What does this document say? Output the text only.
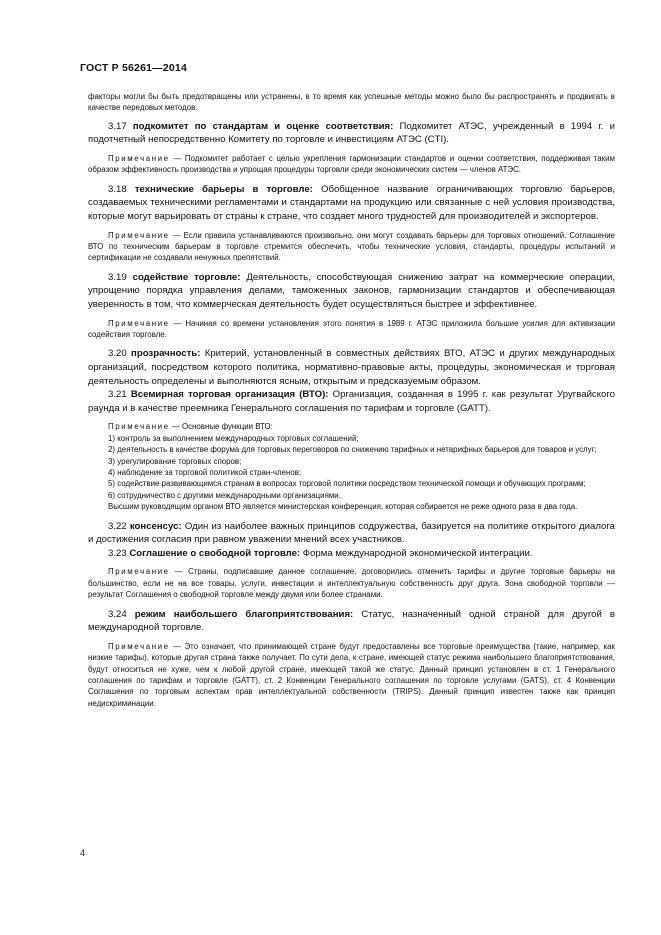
ГОСТ Р 56261—2014

факторы могли бы быть предотвращены или устранены, в то время как успешные методы можно было бы распространять и продвигать в качестве передовых методов.

3.17 подкомитет по стандартам и оценке соответствия: Подкомитет АТЭС, учрежденный в 1994 г. и подотчетный непосредственно Комитету по торговле и инвестициям АТЭС (CTI).

Примечание — Подкомитет работает с целью укрепления гармонизации стандартов и оценки соответствия, поддерживая таким образом эффективность производства и упрощая процедуры торговли среди экономических систем — членов АТЭС.

3.18 технические барьеры в торговле: Обобщенное название ограничивающих торговлю барьеров, создаваемых техническими регламентами и стандартами на продукцию или связанные с ней условия производства, которые могут варьировать от страны к стране, что создает много трудностей для производителей и экспортеров.

Примечание — Если правила устанавливаются произвольно, они могут создавать барьеры для торговых отношений. Соглашение ВТО по техническим барьерам в торговле стремится обеспечить, чтобы технические условия, стандарты, процедуры испытаний и сертификации не создавали ненужных препятствий.

3.19 содействие торговле: Деятельность, способствующая снижению затрат на коммерческие операции, упрощению порядка управления делами, таможенных законов, гармонизации стандартов и обеспечивающая уверенность в том, что коммерческая деятельность будет осуществляться быстрее и эффективнее.

Примечание — Начиная со времени установления этого понятия в 1989 г. АТЭС приложила большие усилия для активизации содействия торговле.

3.20 прозрачность: Критерий, установленный в совместных действиях ВТО, АТЭС и других международных организаций, посредством которого политика, нормативно-правовые акты, процедуры, экономическая и торговая деятельность определены и выполняются ясным, открытым и предсказуемым образом.

3.21 Всемирная торговая организация (ВТО): Организация, созданная в 1995 г. как результат Уругвайского раунда и в качестве преемника Генерального соглашения по тарифам и торговле (GATT).

Примечание — Основные функции ВТО:

1) контроль за выполнением международных торговых соглашений;

2) деятельность в качестве форума для торговых переговоров по снижению тарифных и нетарифных барьеров для товаров и услуг;

3) урегулирование торговых споров;

4) наблюдение за торговой политикой стран-членов;

5) содействие развивающимся странам в вопросах торговой политики посредством технической помощи и обучающих программ;

6) сотрудничество с другими международными организациями.

Высшим руководящим органом ВТО является министерская конференция, которая собирается не реже одного раза в два года.

3.22 консенсус: Один из наиболее важных принципов содружества, базируется на политике открытого диалога и достижения согласия при равном уважении мнений всех участников.

3.23 Соглашение о свободной торговле: Форма международной экономической интеграции.

Примечание — Страны, подписавшие данное соглашение, договорились отменить тарифы и другие торговые барьеры на большинство, если не на все товары, услуги, инвестиции и интеллектуальную собственность друг друга. Зона свободной торговли — результат Соглашения о свободной торговле между двумя или более странами.

3.24 режим наибольшего благоприятствования: Статус, назначенный одной страной для другой в международной торговле.

Примечание — Это означает, что принимающей стране будут предоставлены все торговые преимущества (такие, например, как низкие тарифы), которые другая страна также получает. По сути дела, к стране, имеющей статус режима наибольшего благоприятствования, будут относиться не хуже, чем к любой другой стране, имеющей такой же статус. Данный принцип установлен в ст. 1 Генерального соглашения по тарифам и торговле (GATT), ст. 2 Конвенции Генерального соглашения по торговле услугами (GATS), ст. 4 Конвенции Соглашения по торговым аспектам прав интеллектуальной собственности (TRIPS). Данный принцип известен также как принцип недискриминации.

4
